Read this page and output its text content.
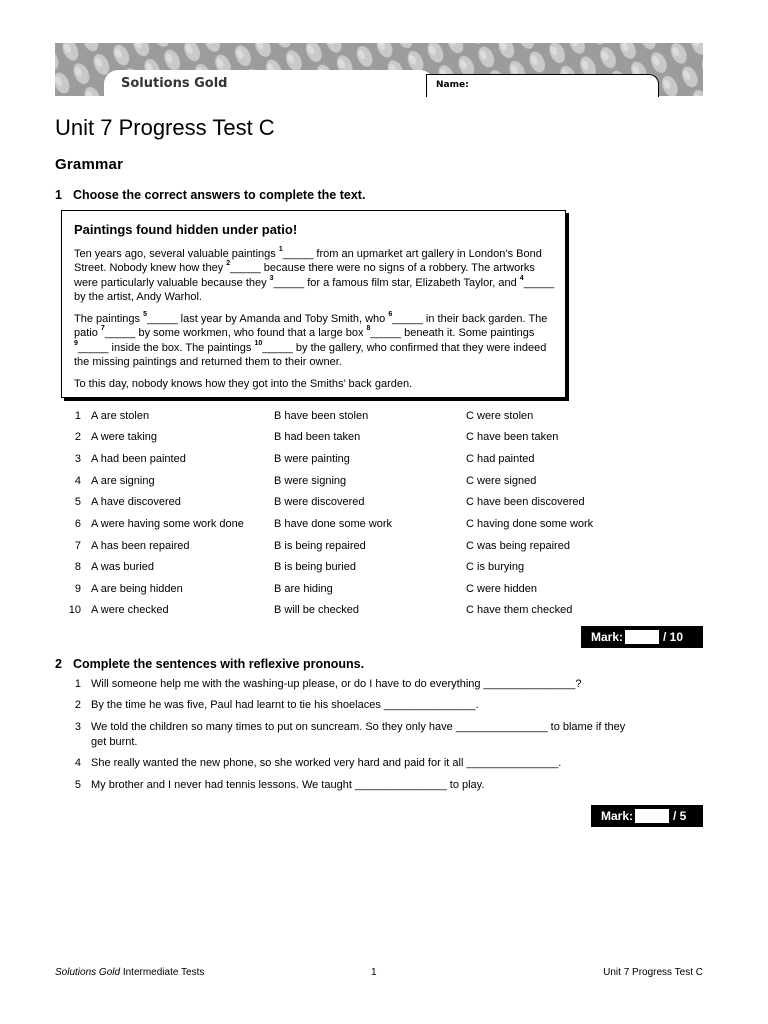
Solutions Gold	Name:
Unit 7 Progress Test C
Grammar
1 Choose the correct answers to complete the text.

Paintings found hidden under patio!

Ten years ago, several valuable paintings $^1$_____ from an upmarket art gallery in London’s Bond Street. Nobody knew how they $^2$_____ because there were no signs of a robbery. The artworks were particularly valuable because they $^3$_____ for a famous film star, Elizabeth Taylor, and $^4$_____ by the artist, Andy Warhol.

The paintings $^5$_____ last year by Amanda and Toby Smith, who $^6$_____ in their back garden. The patio $^7$_____ by some workmen, who found that a large box $^8$_____ beneath it. Some paintings $^9$_____ inside the box. The paintings $^{10}$_____ by the gallery, who confirmed that they were indeed the missing paintings and returned them to their owner.

To this day, nobody knows how they got into the Smiths’ back garden.

1 A are stolen	B have been stolen	C were stolen
2 A were taking	B had been taken	C have been taken
3 A had been painted	B were painting	C had painted
4 A are signing	B were signing	C were signed
5 A have discovered	B were discovered	C have been discovered
6 A were having some work done	B have done some work	C having done some work
7 A has been repaired	B is being repaired	C was being repaired
8 A was buried	B is being buried	C is burying
9 A are being hidden	B are hiding	C were hidden
10 A were checked	B will be checked	C have them checked
Mark:	/ 10
2 Complete the sentences with reflexive pronouns.
1 Will someone help me with the washing-up please, or do I have to do everything _______________?
2 By the time he was five, Paul had learnt to tie his shoelaces _______________.
3 We told the children so many times to put on suncream. So they only have _______________ to blame if they get burnt.
4 She really wanted the new phone, so she worked very hard and paid for it all _______________.
5 My brother and I never had tennis lessons. We taught _______________ to play.
Mark:	/ 5
Solutions Gold Intermediate Tests	1	Unit 7 Progress Test C
